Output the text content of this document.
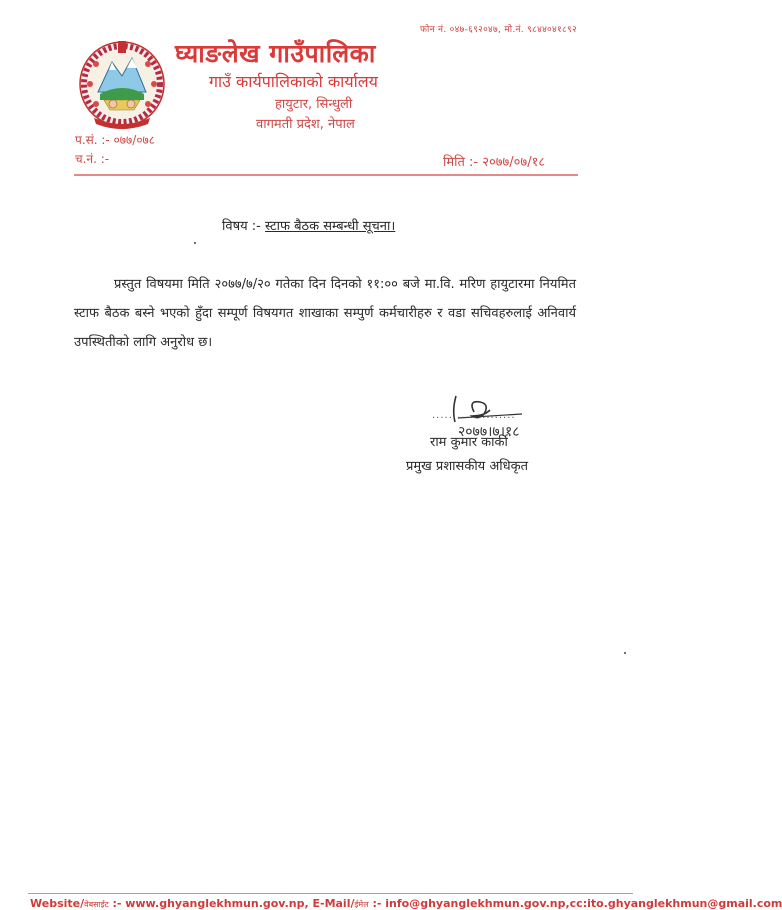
फोन नं. ०४७-६९२०४७, मो.नं. ९८४४०४१८९२
घ्याङलेख गाउँपालिका
गाउँ कार्यपालिकाको कार्यालय
हायुटार, सिन्धुली
वागमती प्रदेश, नेपाल
प.सं. :- ०७७/०७८
च.नं. :-	मिति :- २०७७/०७/१८
विषय :- स्टाफ बैठक सम्बन्धी सूचना।
प्रस्तुत विषयमा मिति २०७७/७/२० गतेका दिन दिनको ११:०० बजे मा.वि. मरिण हायुटारमा नियमित स्टाफ बैठक बस्ने भएको हुँदा सम्पूर्ण विषयगत शाखाका सम्पुर्ण कर्मचारीहरु र वडा सचिवहरुलाई अनिवार्य उपस्थितीको लागि अनुरोध छ।
२०७७।७।१८
....................
राम कुमार कार्की
प्रमुख प्रशासकीय अधिकृत
Website/वेबसाईट :- www.ghyanglekhmun.gov.np, E-Mail/ईमेल :- info@ghyanglekhmun.gov.np,cc:ito.ghyanglekhmun@gmail.com
